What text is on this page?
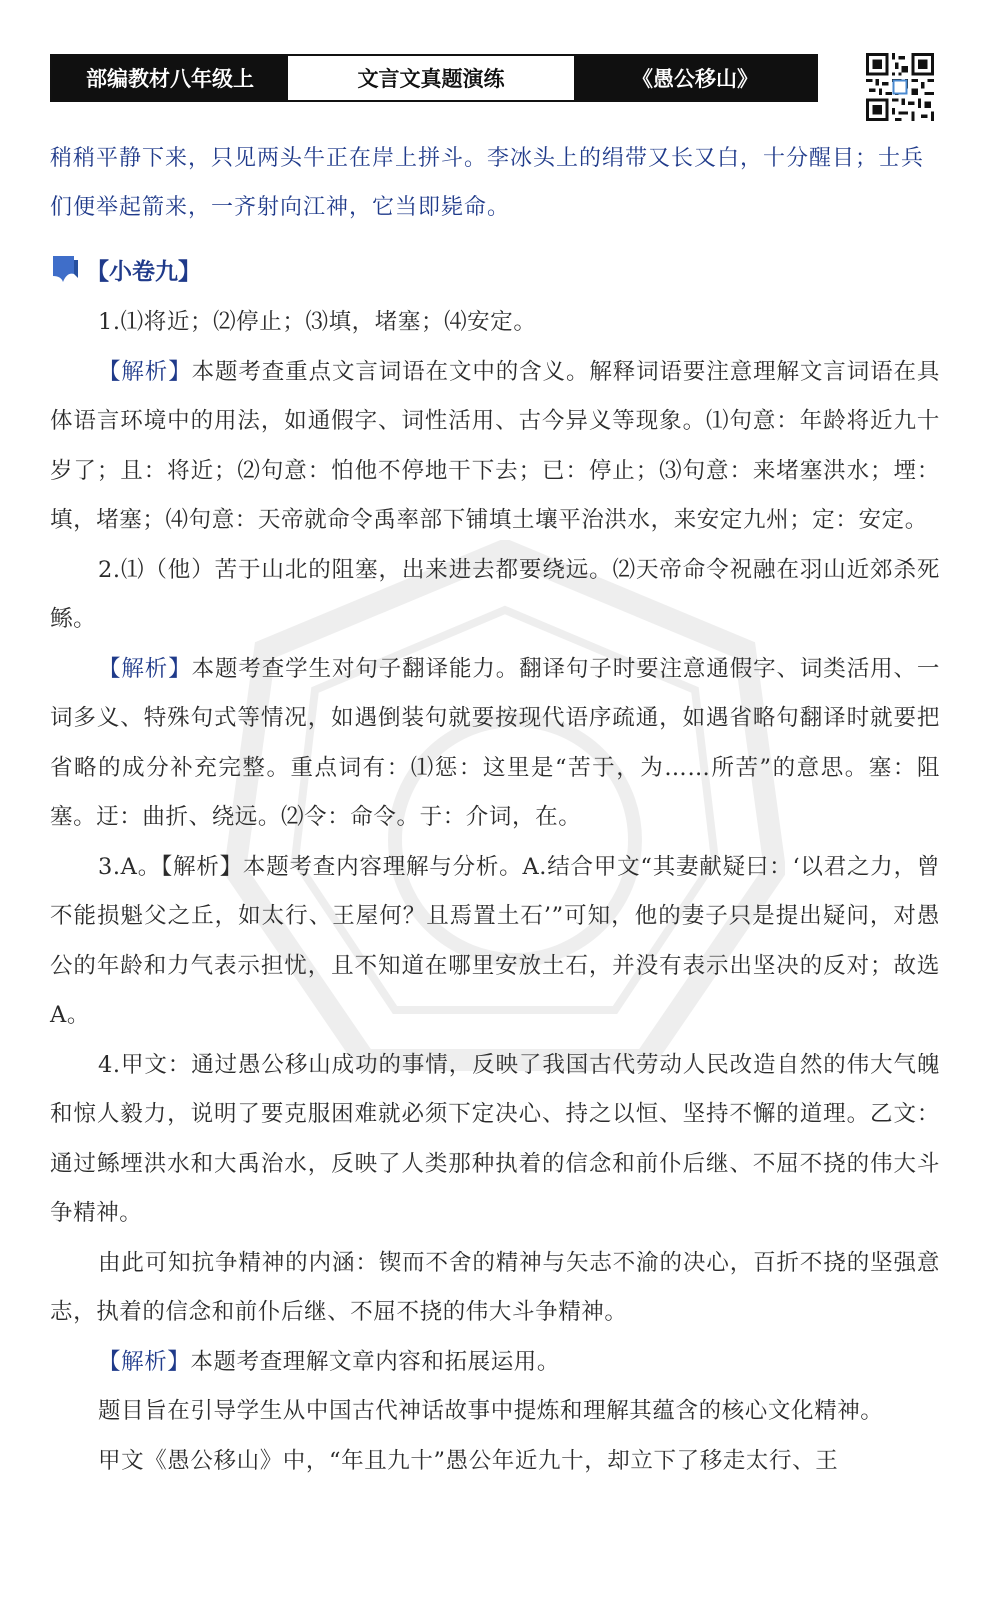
部编教材八年级上	文言文真题演练	《愚公移山》

稍稍平静下来，只见两头牛正在岸上拼斗。李冰头上的绢带又长又白，十分醒目；士兵们便举起箭来，一齐射向江神，它当即毙命。

【小卷九】

1.⑴将近；⑵停止；⑶填，堵塞；⑷安定。

【解析】本题考查重点文言词语在文中的含义。解释词语要注意理解文言词语在具体语言环境中的用法，如通假字、词性活用、古今异义等现象。⑴句意：年龄将近九十岁了；且：将近；⑵句意：怕他不停地干下去；已：停止；⑶句意：来堵塞洪水；堙：填，堵塞；⑷句意：天帝就命令禹率部下铺填土壤平治洪水，来安定九州；定：安定。

2.⑴（他）苦于山北的阻塞，出来进去都要绕远。⑵天帝命令祝融在羽山近郊杀死鲧。

【解析】本题考查学生对句子翻译能力。翻译句子时要注意通假字、词类活用、一词多义、特殊句式等情况，如遇倒装句就要按现代语序疏通，如遇省略句翻译时就要把省略的成分补充完整。重点词有：⑴惩：这里是“苦于，为……所苦”的意思。塞：阻塞。迂：曲折、绕远。⑵令：命令。于：介词，在。

3.A。【解析】本题考查内容理解与分析。A.结合甲文“其妻献疑曰：‘以君之力，曾不能损魁父之丘，如太行、王屋何？且焉置土石’”可知，他的妻子只是提出疑问，对愚公的年龄和力气表示担忧，且不知道在哪里安放土石，并没有表示出坚决的反对；故选A。

4.甲文：通过愚公移山成功的事情，反映了我国古代劳动人民改造自然的伟大气魄和惊人毅力，说明了要克服困难就必须下定决心、持之以恒、坚持不懈的道理。乙文：通过鲧堙洪水和大禹治水，反映了人类那种执着的信念和前仆后继、不屈不挠的伟大斗争精神。

由此可知抗争精神的内涵：锲而不舍的精神与矢志不渝的决心，百折不挠的坚强意志，执着的信念和前仆后继、不屈不挠的伟大斗争精神。

【解析】本题考查理解文章内容和拓展运用。

题目旨在引导学生从中国古代神话故事中提炼和理解其蕴含的核心文化精神。

甲文《愚公移山》中，“年且九十”愚公年近九十，却立下了移走太行、王
